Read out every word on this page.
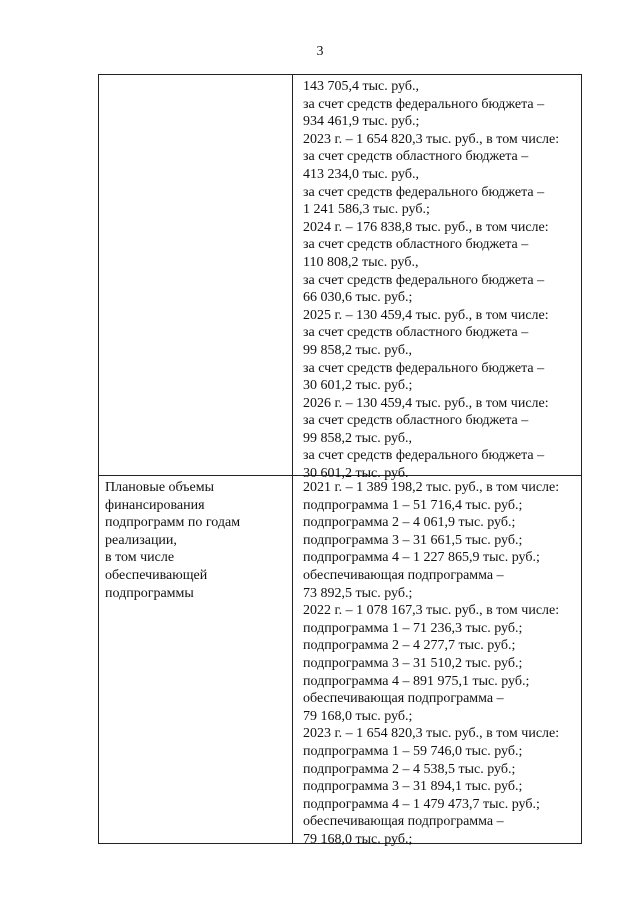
3
143 705,4 тыс. руб.,
за счет средств федерального бюджета –
934 461,9 тыс. руб.;
2023 г. – 1 654 820,3 тыс. руб., в том числе:
за счет средств областного бюджета –
413 234,0 тыс. руб.,
за счет средств федерального бюджета –
1 241 586,3 тыс. руб.;
2024 г. – 176 838,8 тыс. руб., в том числе:
за счет средств областного бюджета –
110 808,2 тыс. руб.,
за счет средств федерального бюджета –
66 030,6 тыс. руб.;
2025 г. – 130 459,4 тыс. руб., в том числе:
за счет средств областного бюджета –
99 858,2 тыс. руб.,
за счет средств федерального бюджета –
30 601,2 тыс. руб.;
2026 г. – 130 459,4 тыс. руб., в том числе:
за счет средств областного бюджета –
99 858,2 тыс. руб.,
за счет средств федерального бюджета –
30 601,2 тыс. руб.
Плановые объемы
финансирования
подпрограмм по годам
реализации,
в том числе
обеспечивающей
подпрограммы
2021 г. – 1 389 198,2 тыс. руб., в том числе:
подпрограмма 1 – 51 716,4 тыс. руб.;
подпрограмма 2 – 4 061,9 тыс. руб.;
подпрограмма 3 – 31 661,5 тыс. руб.;
подпрограмма 4 – 1 227 865,9 тыс. руб.;
обеспечивающая подпрограмма –
73 892,5 тыс. руб.;
2022 г. – 1 078 167,3 тыс. руб., в том числе:
подпрограмма 1 – 71 236,3 тыс. руб.;
подпрограмма 2 – 4 277,7 тыс. руб.;
подпрограмма 3 – 31 510,2 тыс. руб.;
подпрограмма 4 – 891 975,1 тыс. руб.;
обеспечивающая подпрограмма –
79 168,0 тыс. руб.;
2023 г. – 1 654 820,3 тыс. руб., в том числе:
подпрограмма 1 – 59 746,0 тыс. руб.;
подпрограмма 2 – 4 538,5 тыс. руб.;
подпрограмма 3 – 31 894,1 тыс. руб.;
подпрограмма 4 – 1 479 473,7 тыс. руб.;
обеспечивающая подпрограмма –
79 168,0 тыс. руб.;
